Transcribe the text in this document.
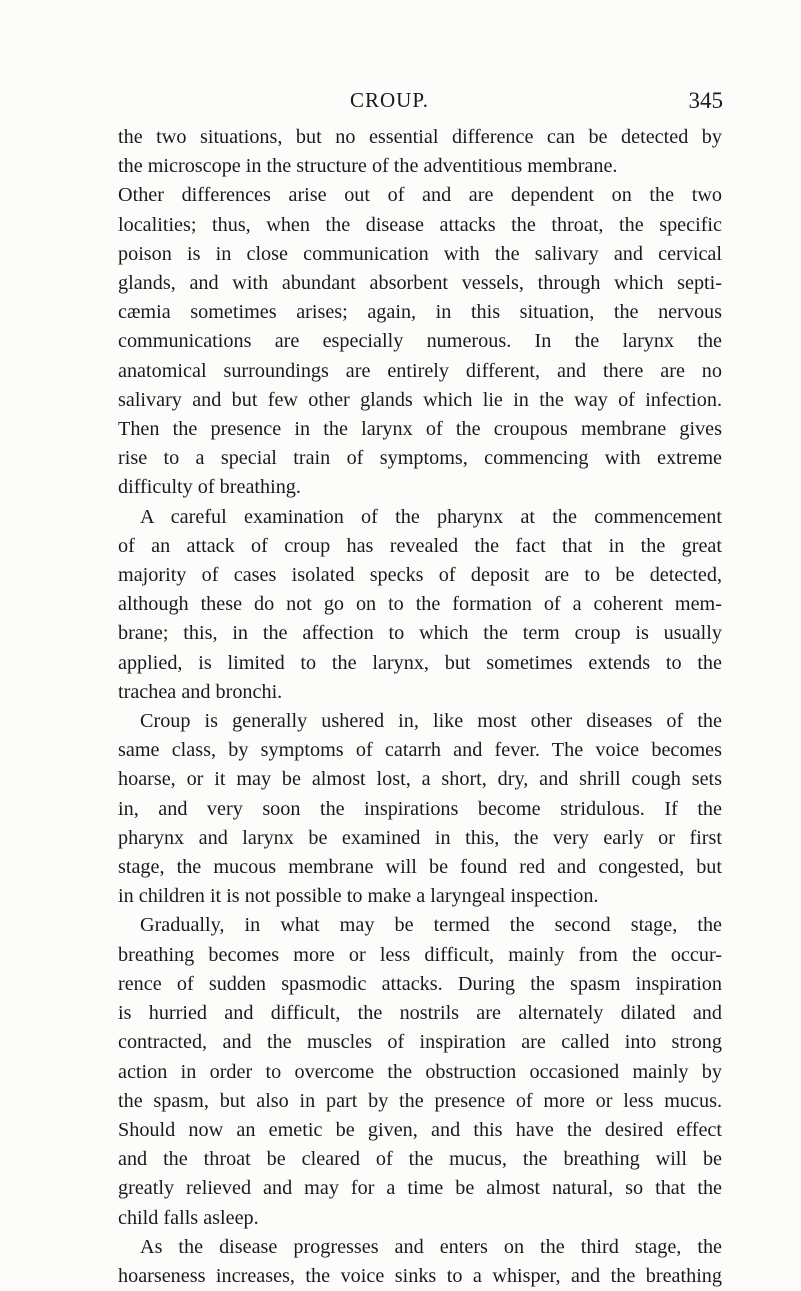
CROUP.	345

the two situations, but no essential difference can be detected by
the microscope in the structure of the adventitious membrane.
Other differences arise out of and are dependent on the two
localities; thus, when the disease attacks the throat, the specific
poison is in close communication with the salivary and cervical
glands, and with abundant absorbent vessels, through which septi-
cæmia sometimes arises; again, in this situation, the nervous
communications are especially numerous. In the larynx the
anatomical surroundings are entirely different, and there are no
salivary and but few other glands which lie in the way of infection.
Then the presence in the larynx of the croupous membrane gives
rise to a special train of symptoms, commencing with extreme
difficulty of breathing.

A careful examination of the pharynx at the commencement
of an attack of croup has revealed the fact that in the great
majority of cases isolated specks of deposit are to be detected,
although these do not go on to the formation of a coherent mem-
brane; this, in the affection to which the term croup is usually
applied, is limited to the larynx, but sometimes extends to the
trachea and bronchi.

Croup is generally ushered in, like most other diseases of the
same class, by symptoms of catarrh and fever. The voice becomes
hoarse, or it may be almost lost, a short, dry, and shrill cough sets
in, and very soon the inspirations become stridulous. If the
pharynx and larynx be examined in this, the very early or first
stage, the mucous membrane will be found red and congested, but
in children it is not possible to make a laryngeal inspection.

Gradually, in what may be termed the second stage, the
breathing becomes more or less difficult, mainly from the occur-
rence of sudden spasmodic attacks. During the spasm inspiration
is hurried and difficult, the nostrils are alternately dilated and
contracted, and the muscles of inspiration are called into strong
action in order to overcome the obstruction occasioned mainly by
the spasm, but also in part by the presence of more or less mucus.
Should now an emetic be given, and this have the desired effect
and the throat be cleared of the mucus, the breathing will be
greatly relieved and may for a time be almost natural, so that the
child falls asleep.

As the disease progresses and enters on the third stage, the
hoarseness increases, the voice sinks to a whisper, and the breathing
